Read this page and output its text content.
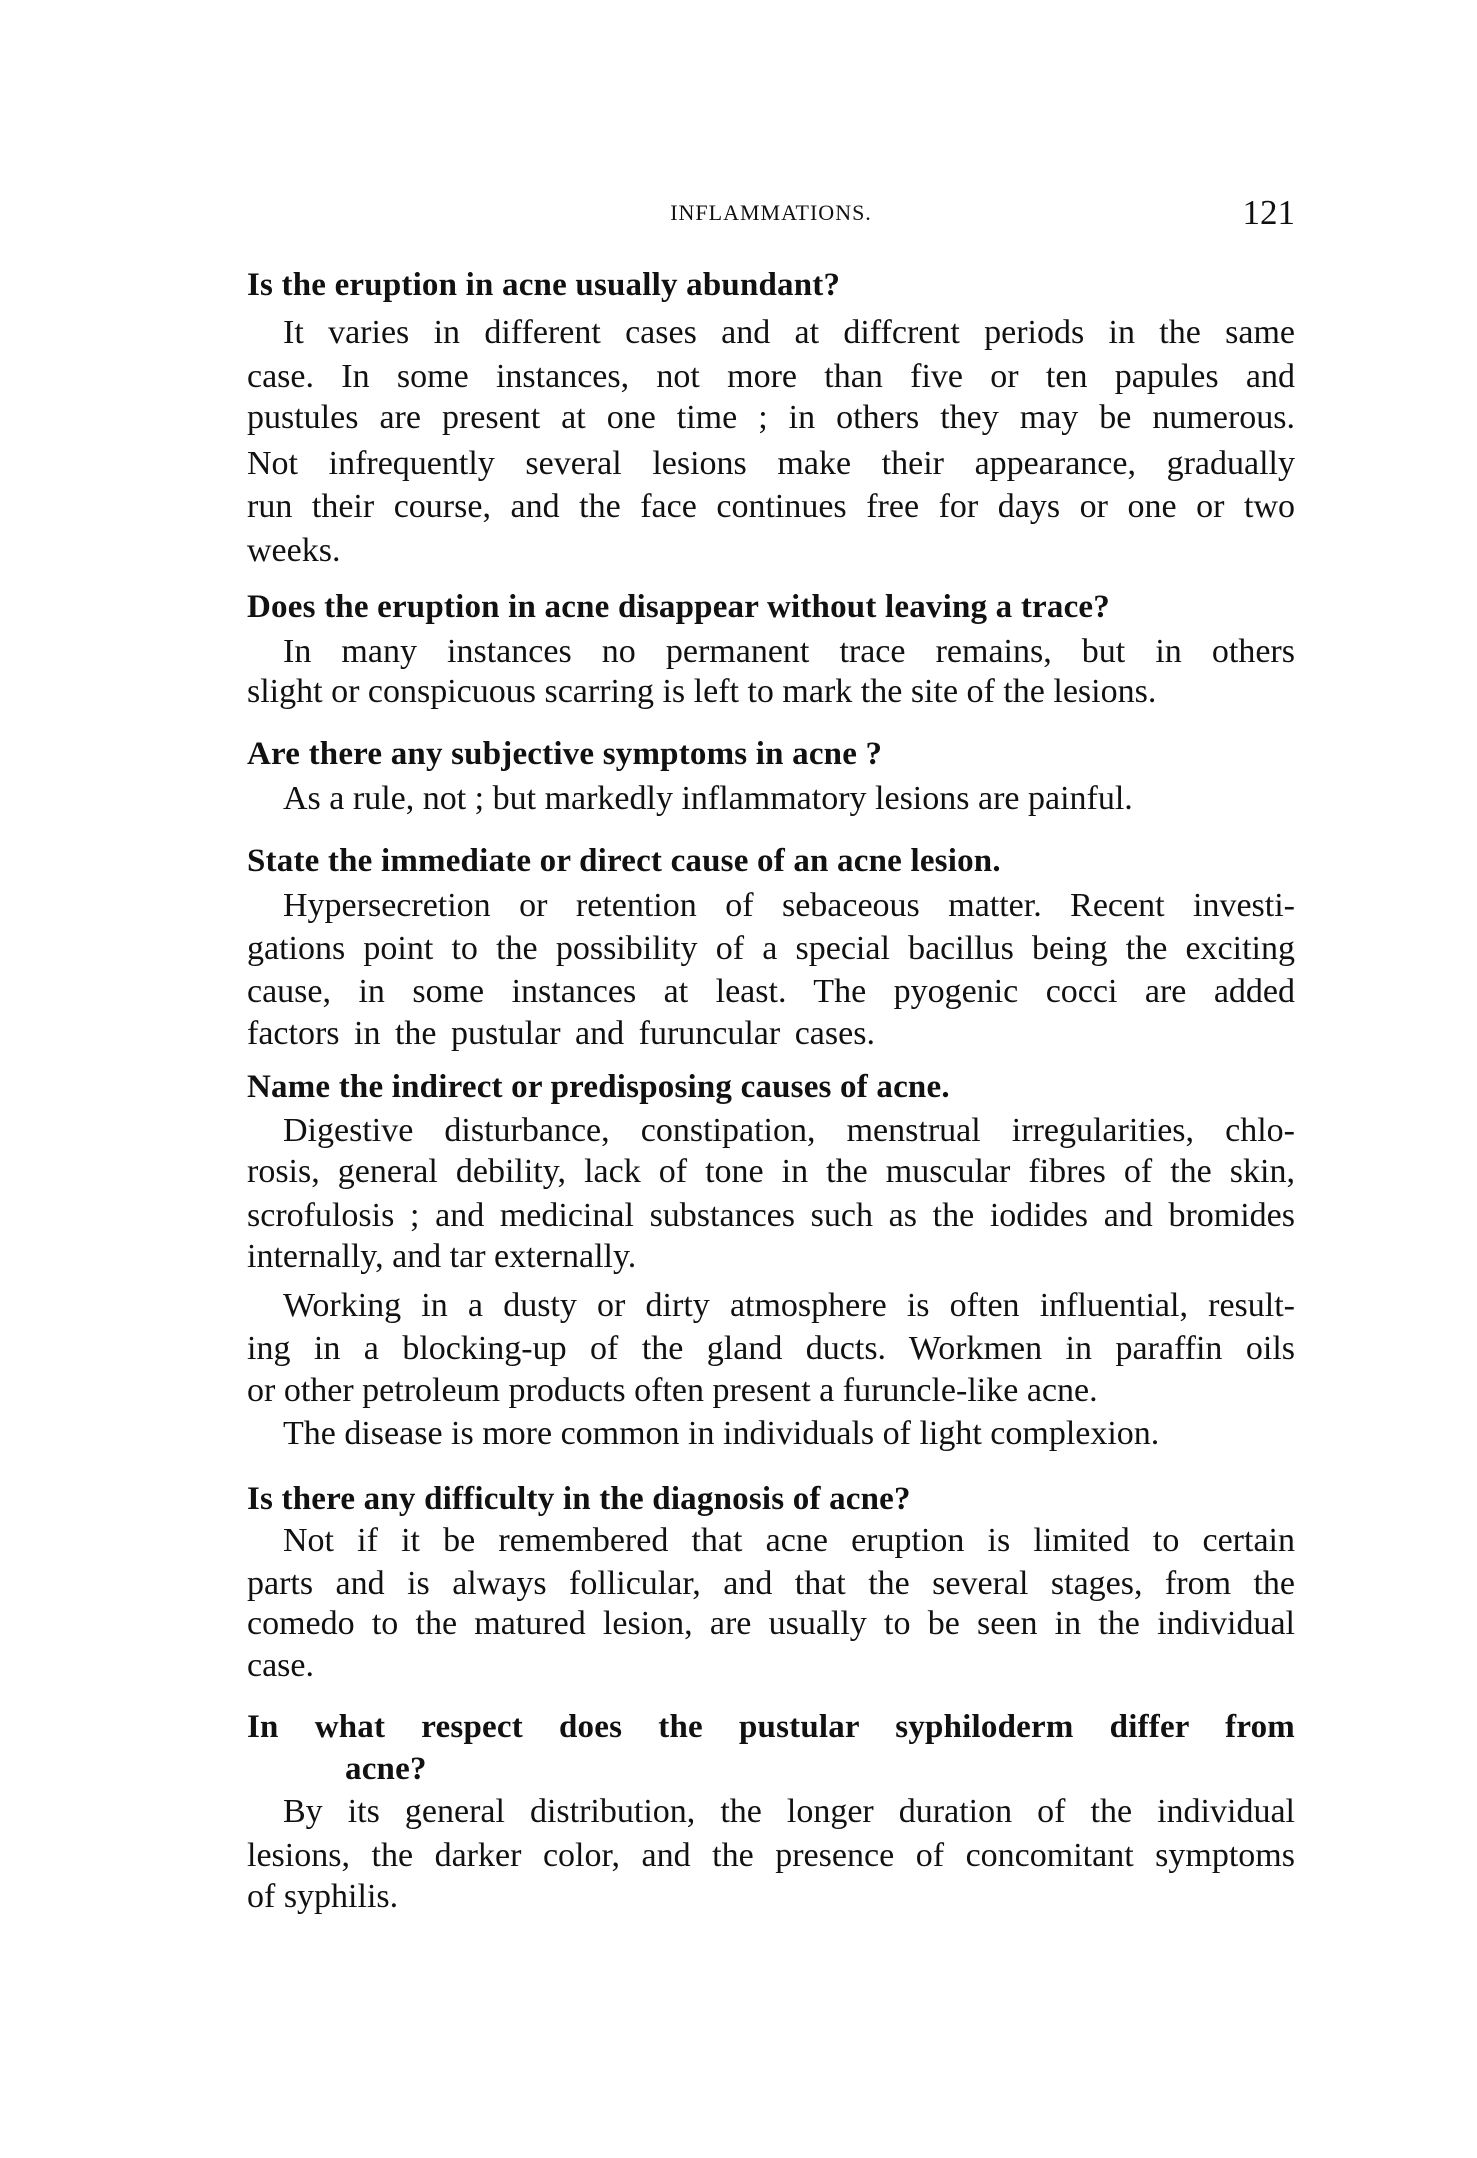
INFLAMMATIONS.	121
Is the eruption in acne usually abundant?
It varies in different cases and at diffcrent periods in the same
case. In some instances, not more than five or ten papules and
pustules are present at one time ; in others they may be numerous.
Not infrequently several lesions make their appearance, gradually
run their course, and the face continues free for days or one or two
weeks.
Does the eruption in acne disappear without leaving a trace?
In many instances no permanent trace remains, but in others
slight or conspicuous scarring is left to mark the site of the lesions.
Are there any subjective symptoms in acne ?
As a rule, not ; but markedly inflammatory lesions are painful.
State the immediate or direct cause of an acne lesion.
Hypersecretion or retention of sebaceous matter. Recent investi-
gations point to the possibility of a special bacillus being the exciting
cause, in some instances at least. The pyogenic cocci are added
factors in the pustular and furuncular cases.
Name the indirect or predisposing causes of acne.
Digestive disturbance, constipation, menstrual irregularities, chlo-
rosis, general debility, lack of tone in the muscular fibres of the skin,
scrofulosis ; and medicinal substances such as the iodides and bromides
internally, and tar externally.
Working in a dusty or dirty atmosphere is often influential, result-
ing in a blocking-up of the gland ducts. Workmen in paraffin oils
or other petroleum products often present a furuncle-like acne.
The disease is more common in individuals of light complexion.
Is there any difficulty in the diagnosis of acne?
Not if it be remembered that acne eruption is limited to certain
parts and is always follicular, and that the several stages, from the
comedo to the matured lesion, are usually to be seen in the individual
case.
In what respect does the pustular syphiloderm differ from
acne?
By its general distribution, the longer duration of the individual
lesions, the darker color, and the presence of concomitant symptoms
of syphilis.
